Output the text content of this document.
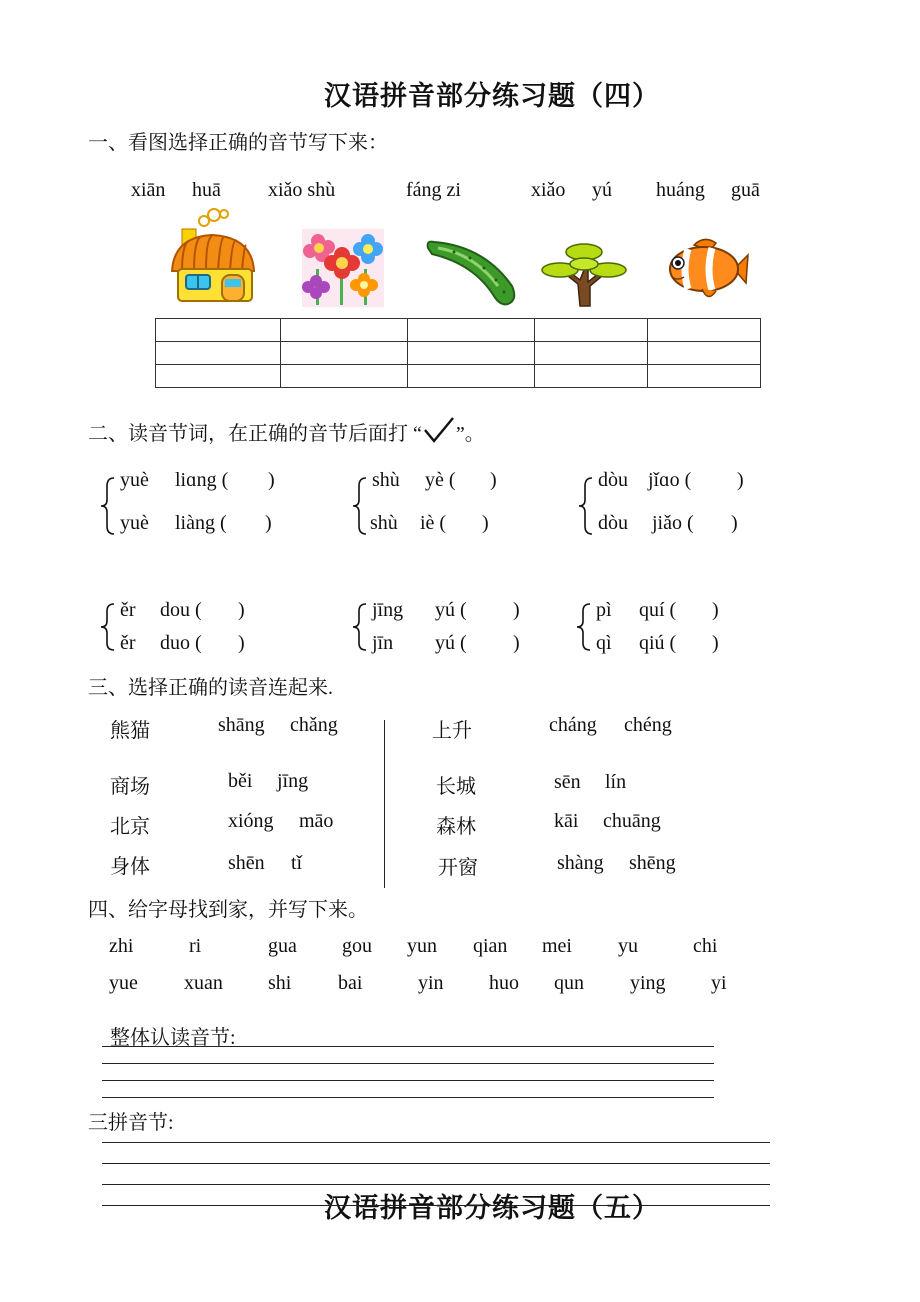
汉语拼音部分练习题（四）
一、看图选择正确的音节写下来：
xiān huā xiǎo shù	fáng zi	xiǎo yú huáng guā

二、读音节词，在正确的音节后面打 “ ”。
yuè liɑng ( )
yuè liàng ( )
shù yè ( )
shù iè ( )
dòu jǐɑo ( )
dòu jiǎo ( )
ěr dou ( )
ěr duo ( )
jīng yú ( )
jīn yú ( )
pì quí ( )
qì qiú ( )
三、选择正确的读音连起来.
熊猫	shāng chǎng
商场	běi jīng
北京	xióng māo
身体	shēn tǐ
上升	cháng chéng
长城	sēn lín
森林	kāi chuāng
开窗	shàng shēng
四、给字母找到家，并写下来。
zhi	ri	gua gou yun qian mei yu	chi
yue xuan shi bai	yin huo qun ying yi
整体认读音节:
三拼音节:
汉语拼音部分练习题（五）
